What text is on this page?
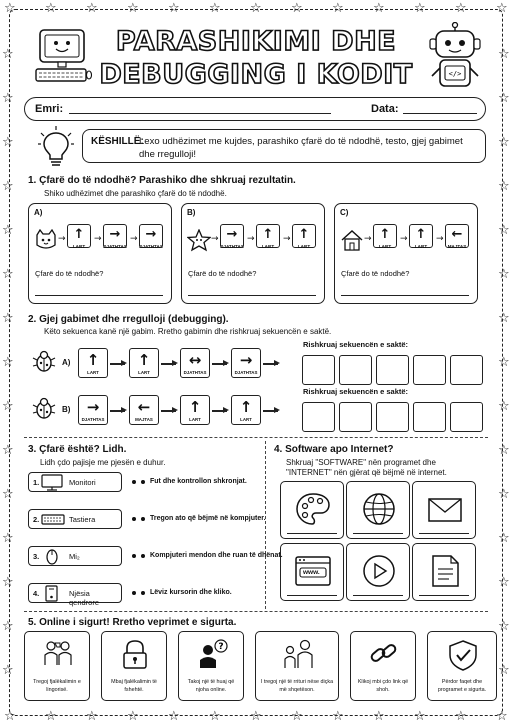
☆
☆
☆
☆
☆
☆
☆
☆
☆
☆
☆
☆
☆
☆
☆
☆
☆
☆
☆
☆
☆
☆
☆
☆
☆
☆
☆	☆
☆	☆
☆	☆
☆	☆
☆	☆
☆	☆
☆	☆
☆	☆
☆	☆
☆	☆
☆	☆
☆	☆
☆	☆
☆	☆
☆	☆
PARASHIKIMI DHE
DEBUGGING I KODIT	</>
Emri:	Data:
KËSHILLË:
Lexo udhëzimet me kujdes, parashiko çfarë do të ndodhë, testo, gjej gabimet dhe rregulloji!
1. Çfarë do të ndodhë? Parashiko dhe shkruaj rezultatin.
Shiko udhëzimet dhe parashiko çfarë do të ndodhë.
A)
→ ↑
LART
→ →
DJATHTAS
→ →
DJATHTAS
Çfarë do të ndodhë?
B)
→ →
DJATHTAS
→ ↑
LART
→ ↑
LART
Çfarë do të ndodhë?
C)
→ ↑
LART
→ ↑
LART
→ ←
MAJTAS
Çfarë do të ndodhë?
2. Gjej gabimet dhe rregulloji (debugging).
Këto sekuenca kanë një gabim. Rretho gabimin dhe rishkruaj sekuencën e saktë.
A)	↑
LART
↑
LART
↔
DJATHTAS
→
DJATHTAS
Rishkruaj sekuencën e saktë:
B)	→
DJATHTAS
←
MAJTAS
↑
LART
↑
LART
Rishkruaj sekuencën e saktë:
3. Çfarë është? Lidh.
Lidh çdo pajisje me pjesën e duhur.
1.	Monitori	Fut dhe kontrollon shkronjat.
2.	Tastiera	Tregon ato që bëjmë në kompjuter.
3.	Mi₂	Kompjuteri mendon dhe ruan të dhënat.
4.	Njësia qendrore
Lëviz kursorin dhe kliko.
4. Software apo Internet?
Shkruaj "SOFTWARE" nën programet dhe "INTERNET" nën gjërat që bëjmë në internet.
www.
5. Online i sigurt! Rretho veprimet e sigurta.
Tregoj fjalëkalimin e lingorisë.
Mbaj fjalëkalimin të fshehtë.
?
Takoj një të huaj që njoha online.
I tregoj një të rrituri nëse diçka më shqetëson.
Klikoj mbi çdo link që shoh.
Përdor faqet dhe programet e sigurta.
